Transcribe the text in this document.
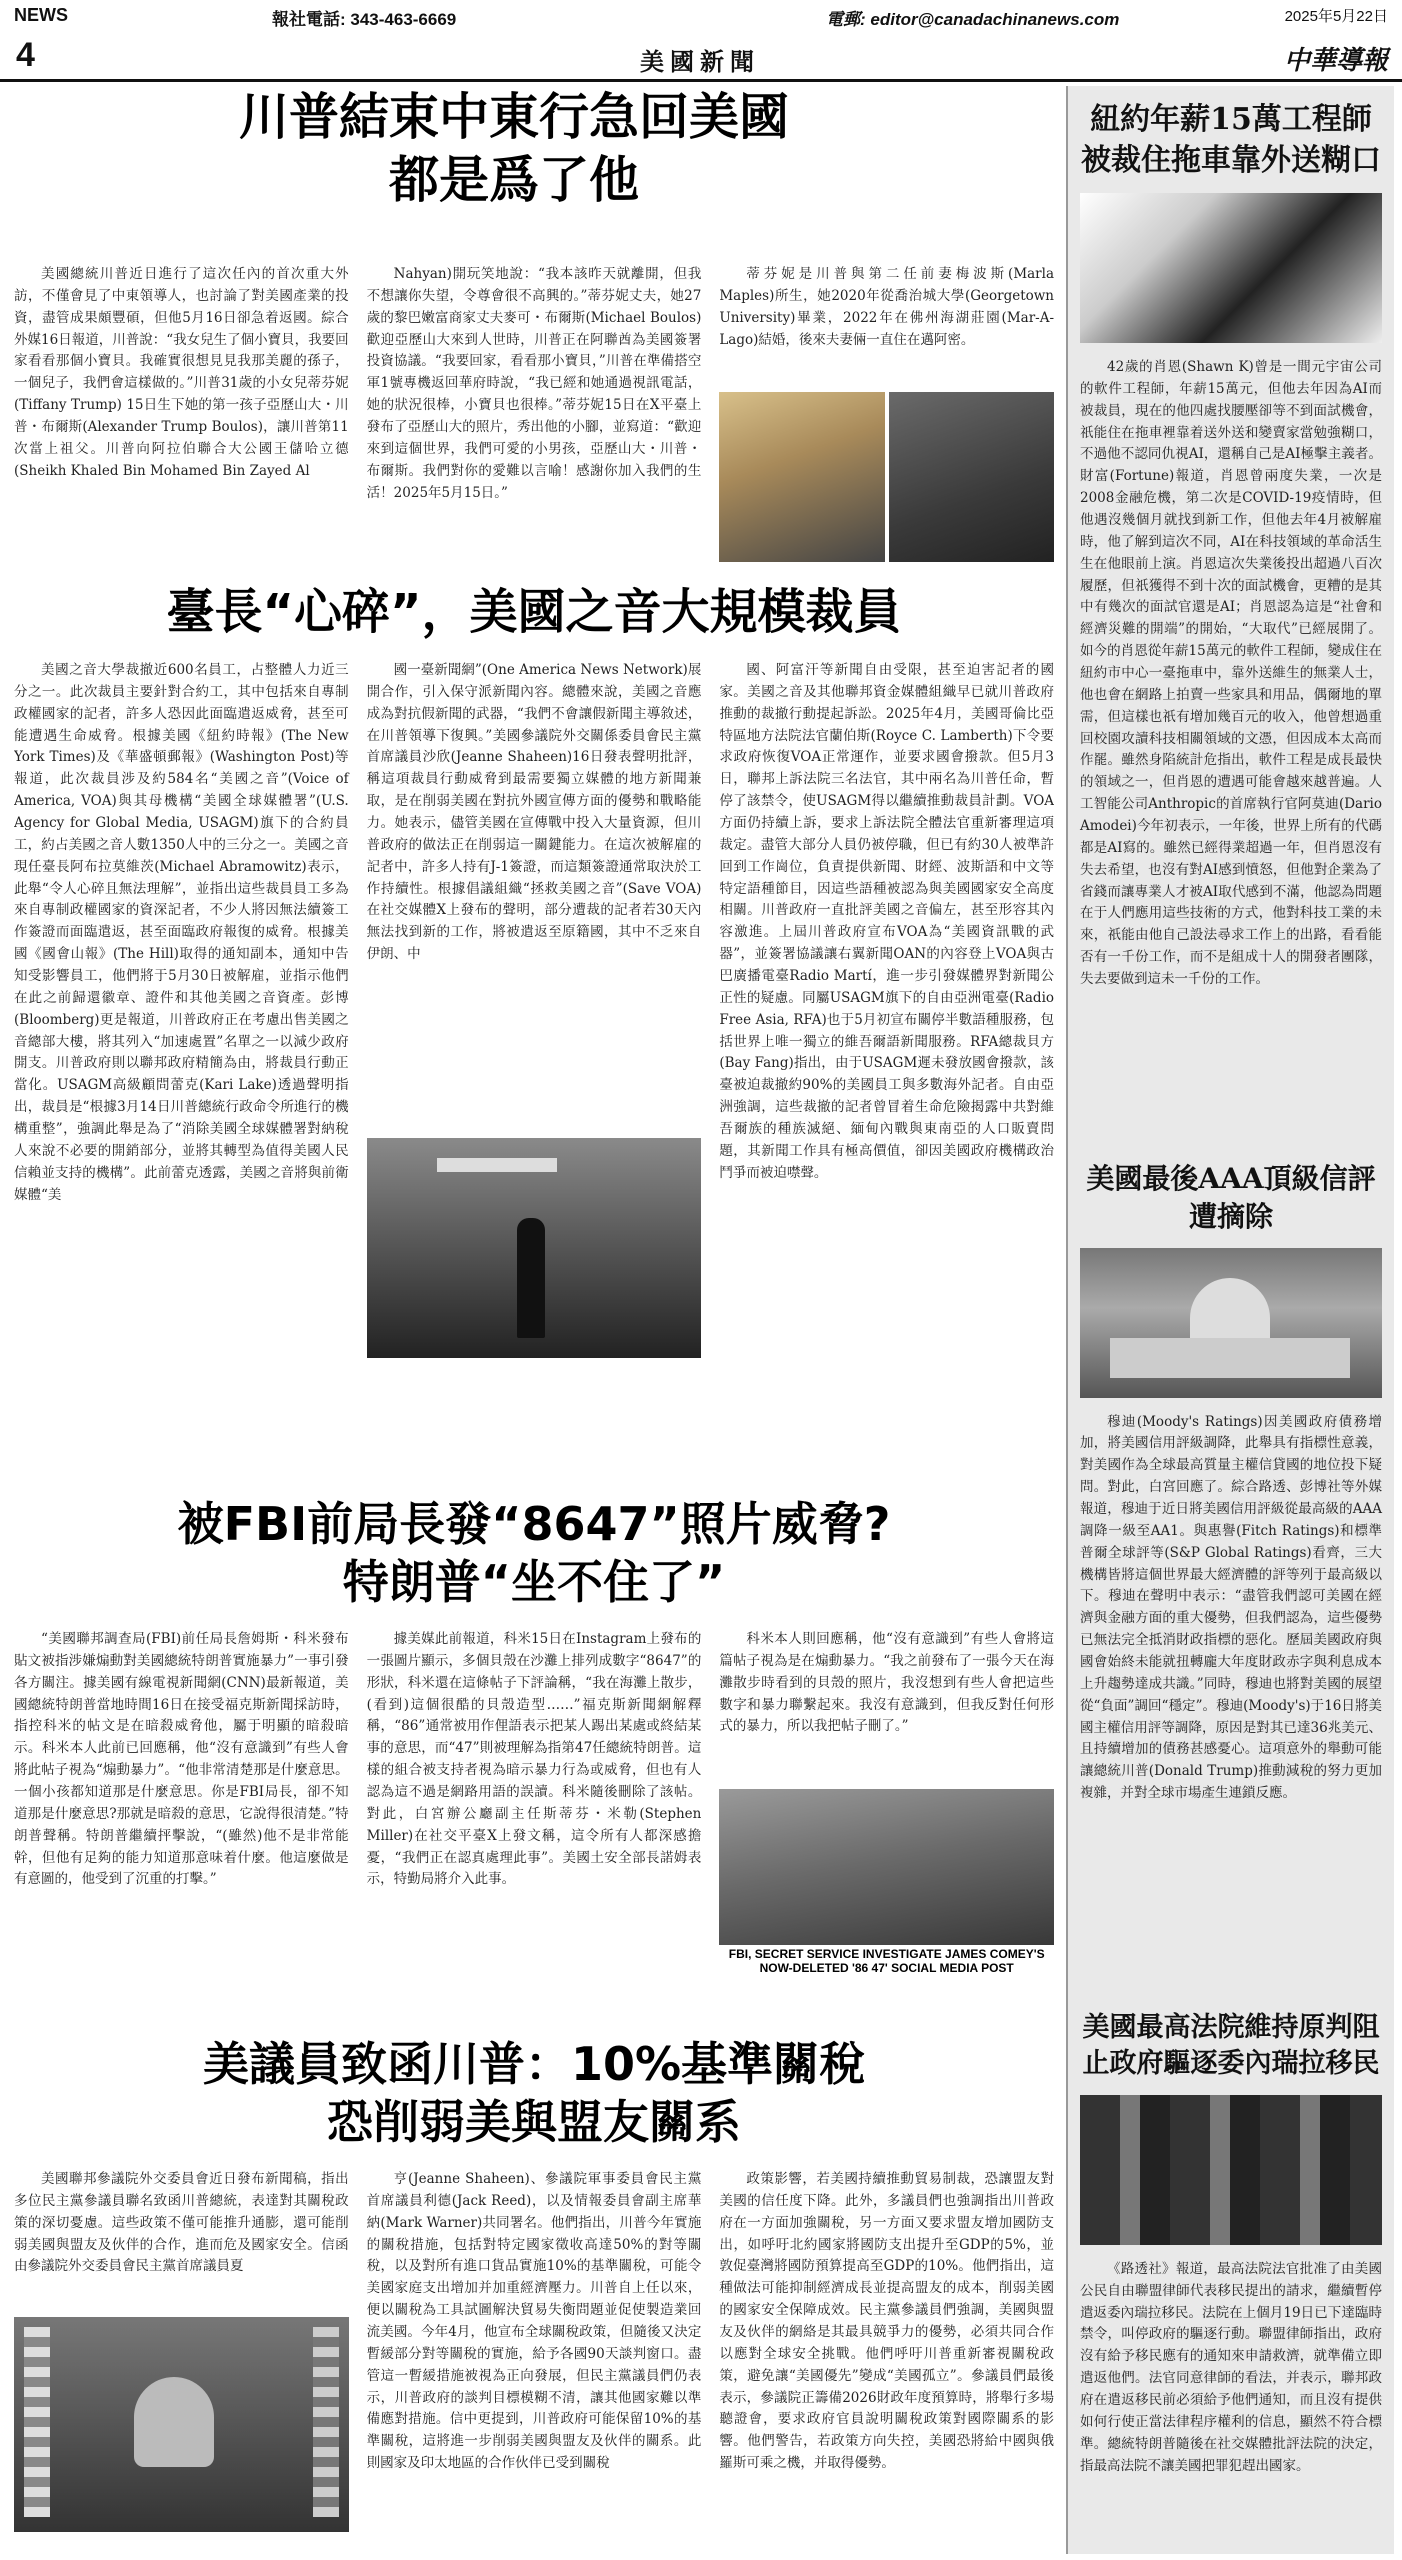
NEWS	報社電話: 343-463-6669	電郵: editor@canadachinanews.com	2025年5月22日
4	美國新聞	中華導報
川普結束中東行急回美國
都是爲了他

美國總統川普近日進行了這次任內的首次重大外訪，不僅會見了中東領導人，也討論了對美國產業的投資，盡管成果頗豐碩，但他5月16日卻急着返國。綜合外媒16日報道，川普說：“我女兒生了個小寶貝，我要回家看看那個小寶貝。我確實很想見見我那美麗的孫子，一個兒子，我們會這樣做的。”川普31歲的小女兒蒂芬妮(Tiffany Trump) 15日生下她的第一孩子亞歷山大・川普・布爾斯(Alexander Trump Boulos)，讓川普第11次當上祖父。川普向阿拉伯聯合大公國王儲哈立德(Sheikh Khaled Bin Mohamed Bin Zayed Al

Nahyan)開玩笑地說：“我本該昨天就離開，但我不想讓你失望，令尊會很不高興的。”蒂芬妮丈夫，她27歲的黎巴嫩富商家丈夫麥可・布爾斯(Michael Boulos)歡迎亞歷山大來到人世時，川普正在阿聯酋為美國簽署投資協議。“我要回家，看看那小寶貝，”川普在準備搭空軍1號專機返回華府時說，“我已經和她通過視訊電話，她的狀況很棒，小寶貝也很棒。”蒂芬妮15日在X平臺上發布了亞歷山大的照片，秀出他的小腳，並寫道：“歡迎來到這個世界，我們可愛的小男孩，亞歷山大・川普・布爾斯。我們對你的愛難以言喻！感謝你加入我們的生活！2025年5月15日。”

蒂芬妮是川普與第二任前妻梅波斯(Marla Maples)所生，她2020年從喬治城大學(Georgetown University)畢業，2022年在佛州海湖莊園(Mar-A-Lago)結婚，後來夫妻倆一直住在邁阿密。

臺長“心碎”，美國之音大規模裁員

美國之音大學裁撤近600名員工，占整體人力近三分之一。此次裁員主要針對合約工，其中包括來自專制政權國家的記者，許多人恐因此面臨遣返威脅，甚至可能遭遇生命威脅。根據美國《紐約時報》(The New York Times)及《華盛頓郵報》(Washington Post)等報道，此次裁員涉及約584名“美國之音”(Voice of America, VOA)與其母機構“美國全球媒體署”(U.S. Agency for Global Media, USAGM)旗下的合約員工，約占美國之音人數1350人中的三分之一。美國之音現任臺長阿布拉莫維茨(Michael Abramowitz)表示，此舉“令人心碎且無法理解”，並指出這些裁員員工多為來自專制政權國家的資深記者，不少人將因無法續簽工作簽證而面臨遣返，甚至面臨政府報復的威脅。根據美國《國會山報》(The Hill)取得的通知副本，通知中告知受影響員工，他們將于5月30日被解雇，並指示他們在此之前歸還徽章、證件和其他美國之音資產。彭博(Bloomberg)更是報道，川普政府正在考慮出售美國之音總部大樓，將其列入“加速處置”名單之一以減少政府開支。川普政府則以聯邦政府精簡為由，將裁員行動正當化。USAGM高級顧問蕾克(Kari Lake)透過聲明指出，裁員是“根據3月14日川普總統行政命令所進行的機構重整”，強調此舉是為了“消除美國全球媒體署對納稅人來說不必要的開銷部分，並將其轉型為值得美國人民信賴並支持的機構”。此前蕾克透露，美國之音將與前衛媒體“美

國一臺新聞網”(One America News Network)展開合作，引入保守派新聞內容。總體來說，美國之音應成為對抗假新聞的武器，“我們不會讓假新聞主導敘述，在川普領導下復興。”美國參議院外交關係委員會民主黨首席議員沙欣(Jeanne Shaheen)16日發表聲明批評，稱這項裁員行動威脅到最需要獨立媒體的地方新聞兼取，是在削弱美國在對抗外國宣傳方面的優勢和戰略能力。她表示，儘管美國在宣傳戰中投入大量資源，但川普政府的做法正在削弱這一關鍵能力。在這次被解雇的記者中，許多人持有J-1簽證，而這類簽證通常取決於工作持續性。根據倡議組織“拯救美國之音”(Save VOA)在社交媒體X上發布的聲明，部分遭裁的記者若30天內無法找到新的工作，將被遣返至原籍國，其中不乏來自伊朗、中

國、阿富汗等新聞自由受限，甚至迫害記者的國家。美國之音及其他聯邦資金媒體組織早已就川普政府推動的裁撤行動提起訴訟。2025年4月，美國哥倫比亞特區地方法院法官蘭伯斯(Royce C. Lamberth)下令要求政府恢復VOA正常運作，並要求國會撥款。但5月3日，聯邦上訴法院三名法官，其中兩名為川普任命，暫停了該禁令，使USAGM得以繼續推動裁員計劃。VOA方面仍持續上訴，要求上訴法院全體法官重新審理這項裁定。盡管大部分人員仍被停職，但已有約30人被準許回到工作崗位，負責提供新聞、財經、波斯語和中文等特定語種節目，因這些語種被認為與美國國家安全高度相關。川普政府一直批評美國之音偏左，甚至形容其內容激進。上屆川普政府宣布VOA為“美國資訊戰的武器”，並簽署協議讓右翼新聞OAN的內容登上VOA與古巴廣播電臺Radio Martí，進一步引發媒體界對新聞公正性的疑慮。同屬USAGM旗下的自由亞洲電臺(Radio Free Asia, RFA)也于5月初宣布關停半數語種服務，包括世界上唯一獨立的維吾爾語新聞服務。RFA總裁貝方(Bay Fang)指出，由于USAGM遲未發放國會撥款，該臺被迫裁撤約90%的美國員工與多數海外記者。自由亞洲強調，這些裁撤的記者曾冒着生命危險揭露中共對維吾爾族的種族滅絕、緬甸內戰與東南亞的人口販賣問題，其新聞工作具有極高價值，卻因美國政府機構政治鬥爭而被迫噤聲。

被FBI前局長發“8647”照片威脅?
特朗普“坐不住了”

“美國聯邦調查局(FBI)前任局長詹姆斯・科米發布貼文被指涉嫌煽動對美國總統特朗普實施暴力”一事引發各方關注。據美國有線電視新聞網(CNN)最新報道，美國總統特朗普當地時間16日在接受福克斯新聞採訪時，指控科米的帖文是在暗殺威脅他，屬于明顯的暗殺暗示。科米本人此前已回應稱，他“沒有意識到”有些人會將此帖子視為“煽動暴力”。“他非常清楚那是什麼意思。一個小孩都知道那是什麼意思。你是FBI局長，卻不知道那是什麼意思?那就是暗殺的意思，它說得很清楚。”特朗普聲稱。特朗普繼續抨擊說，“(雖然)他不是非常能幹，但他有足夠的能力知道那意味着什麼。他這麼做是有意圖的，他受到了沉重的打擊。”

據美媒此前報道，科米15日在Instagram上發布的一張圖片顯示，多個貝殼在沙灘上排列成數字“8647”的形狀，科米還在這條帖子下評論稱，“我在海灘上散步，(看到)這個很酷的貝殼造型……”福克斯新聞網解釋稱，“86”通常被用作俚語表示把某人踢出某處或終結某事的意思，而“47”則被理解為指第47任總統特朗普。這樣的組合被支持者視為暗示暴力行為或威脅，但也有人認為這不過是網路用語的誤讀。科米隨後刪除了該帖。對此，白宮辦公廳副主任斯蒂芬・米勒(Stephen Miller)在社交平臺X上發文稱，這令所有人都深感擔憂，“我們正在認真處理此事”。美國土安全部長諾姆表示，特勤局將介入此事。

科米本人則回應稱，他“沒有意識到”有些人會將這篇帖子視為是在煽動暴力。“我之前發布了一張今天在海灘散步時看到的貝殼的照片，我沒想到有些人會把這些數字和暴力聯繫起來。我沒有意識到，但我反對任何形式的暴力，所以我把帖子刪了。”

FBI, SECRET SERVICE INVESTIGATE JAMES COMEY'S
NOW-DELETED '86 47' SOCIAL MEDIA POST
美議員致函川普：10%基準關稅
恐削弱美與盟友關系

美國聯邦參議院外交委員會近日發布新聞稿，指出多位民主黨參議員聯名致函川普總統，表達對其關稅政策的深切憂慮。這些政策不僅可能推升通膨，還可能削弱美國與盟友及伙伴的合作，進而危及國家安全。信函由參議院外交委員會民主黨首席議員夏

亨(Jeanne Shaheen)、參議院軍事委員會民主黨首席議員利德(Jack Reed)，以及情報委員會副主席華納(Mark Warner)共同署名。他們指出，川普今年實施的關稅措施，包括對特定國家徵收高達50%的對等關稅，以及對所有進口貨品實施10%的基準關稅，可能令美國家庭支出增加并加重經濟壓力。川普自上任以來，便以關稅為工具試圖解決貿易失衡問題並促使製造業回流美國。今年4月，他宣布全球關稅政策，但隨後又決定暫緩部分對等關稅的實施，給予各國90天談判窗口。盡管這一暫緩措施被視為正向發展，但民主黨議員們仍表示，川普政府的談判目標模糊不清，讓其他國家難以準備應對措施。信中更提到，川普政府可能保留10%的基準關稅，這將進一步削弱美國與盟友及伙伴的關系。此則國家及印太地區的合作伙伴已受到關稅

政策影響，若美國持續推動貿易制裁，恐讓盟友對美國的信任度下降。此外，多議員們也強調指出川普政府在一方面加強關稅，另一方面又要求盟友增加國防支出，如呼吁北約國家將國防支出提升至GDP的5%，並敦促臺灣將國防預算提高至GDP的10%。他們指出，這種做法可能抑制經濟成長並提高盟友的成本，削弱美國的國家安全保障成效。民主黨參議員們強調，美國與盟友及伙伴的網絡是其最具競爭力的優勢，必須共同合作以應對全球安全挑戰。他們呼吁川普重新審視關稅政策，避免讓“美國優先”變成“美國孤立”。參議員們最後表示，參議院正籌備2026財政年度預算時，將舉行多場聽證會，要求政府官員說明關稅政策對國際關系的影響。他們警告，若政策方向失控，美國恐將給中國與俄羅斯可乘之機，并取得優勢。

紐約年薪15萬工程師被裁住拖車靠外送糊口

42歲的肖恩(Shawn K)曾是一間元宇宙公司的軟件工程師，年薪15萬元，但他去年因為AI而被裁員，現在的他四處找腰壓卻等不到面試機會，祇能住在拖車裡靠着送外送和變賣家當勉強糊口，不過他不認同仇視AI，還稱自己是AI極擊主義者。財富(Fortune)報道，肖恩曾兩度失業，一次是2008金融危機，第二次是COVID-19疫情時，但他遇沒幾個月就找到新工作，但他去年4月被解雇時，他了解到這次不同，AI在科技領域的革命活生生在他眼前上演。肖恩這次失業後投出超過八百次履歷，但祇獲得不到十次的面試機會，更糟的是其中有幾次的面試官還是AI；肖恩認為這是“社會和經濟災難的開端”的開始，“大取代”已經展開了。如今的肖恩從年薪15萬元的軟件工程師，變成住在紐約市中心一臺拖車中，靠外送維生的無業人士，他也會在網路上拍賣一些家具和用品，偶爾地的單需，但這樣也祇有增加幾百元的收入，他曾想過重回校園攻讀科技相關領域的文憑，但因成本太高而作罷。雖然身陷統計危指出，軟件工程是成長最快的領域之一，但肖恩的遭遇可能會越來越普遍。人工智能公司Anthropic的首席執行官阿莫迪(Dario Amodei)今年初表示，一年後，世界上所有的代碼都是AI寫的。雖然已經得業超過一年，但肖恩沒有失去希望，也沒有對AI感到憤怒，但他對企業為了省錢而讓專業人才被AI取代感到不滿，他認為問題在于人們應用這些技術的方式，他對科技工業的未來，祇能由他自己設法尋求工作上的出路，看看能否有一千份工作，而不是組成十人的開發者團隊，失去要做到這未一千份的工作。

美國最後AAA頂級信評遭摘除

穆迪(Moody's Ratings)因美國政府債務增加，將美國信用評級調降，此舉具有指標性意義，對美國作為全球最高質量主權信貸國的地位投下疑問。對此，白宮回應了。綜合路透、彭博社等外媒報道，穆迪于近日將美國信用評級從最高級的AAA調降一級至AA1。與惠譽(Fitch Ratings)和標準普爾全球評等(S&P Global Ratings)看齊，三大機構皆將這個世界最大經濟體的評等列于最高級以下。穆迪在聲明中表示：“盡管我們認可美國在經濟與金融方面的重大優勢，但我們認為，這些優勢已無法完全抵消財政指標的惡化。歷屆美國政府與國會始終未能就扭轉龐大年度財政赤字與利息成本上升趨勢達成共識。”同時，穆迪也將對美國的展望從“負面”調回“穩定”。穆迪(Moody's)于16日將美國主權信用評等調降，原因是對其已達36兆美元、且持續增加的債務甚感憂心。這項意外的舉動可能讓總統川普(Donald Trump)推動減稅的努力更加複雜，并對全球市場產生連鎖反應。

美國最高法院維持原判阻止政府驅逐委內瑞拉移民

《路透社》報道，最高法院法官批准了由美國公民自由聯盟律師代表移民提出的請求，繼續暫停遣返委內瑞拉移民。法院在上個月19日已下達臨時禁令，叫停政府的驅逐行動。聯盟律師指出，政府沒有給予移民應有的通知來申請救濟，就準備立即遣返他們。法官同意律師的看法，并表示，聯邦政府在遣返移民前必須給予他們通知，而且沒有提供如何行使正當法律程序權利的信息，顯然不符合標準。總統特朗普隨後在社交媒體批評法院的決定，指最高法院不讓美國把罪犯趕出國家。
